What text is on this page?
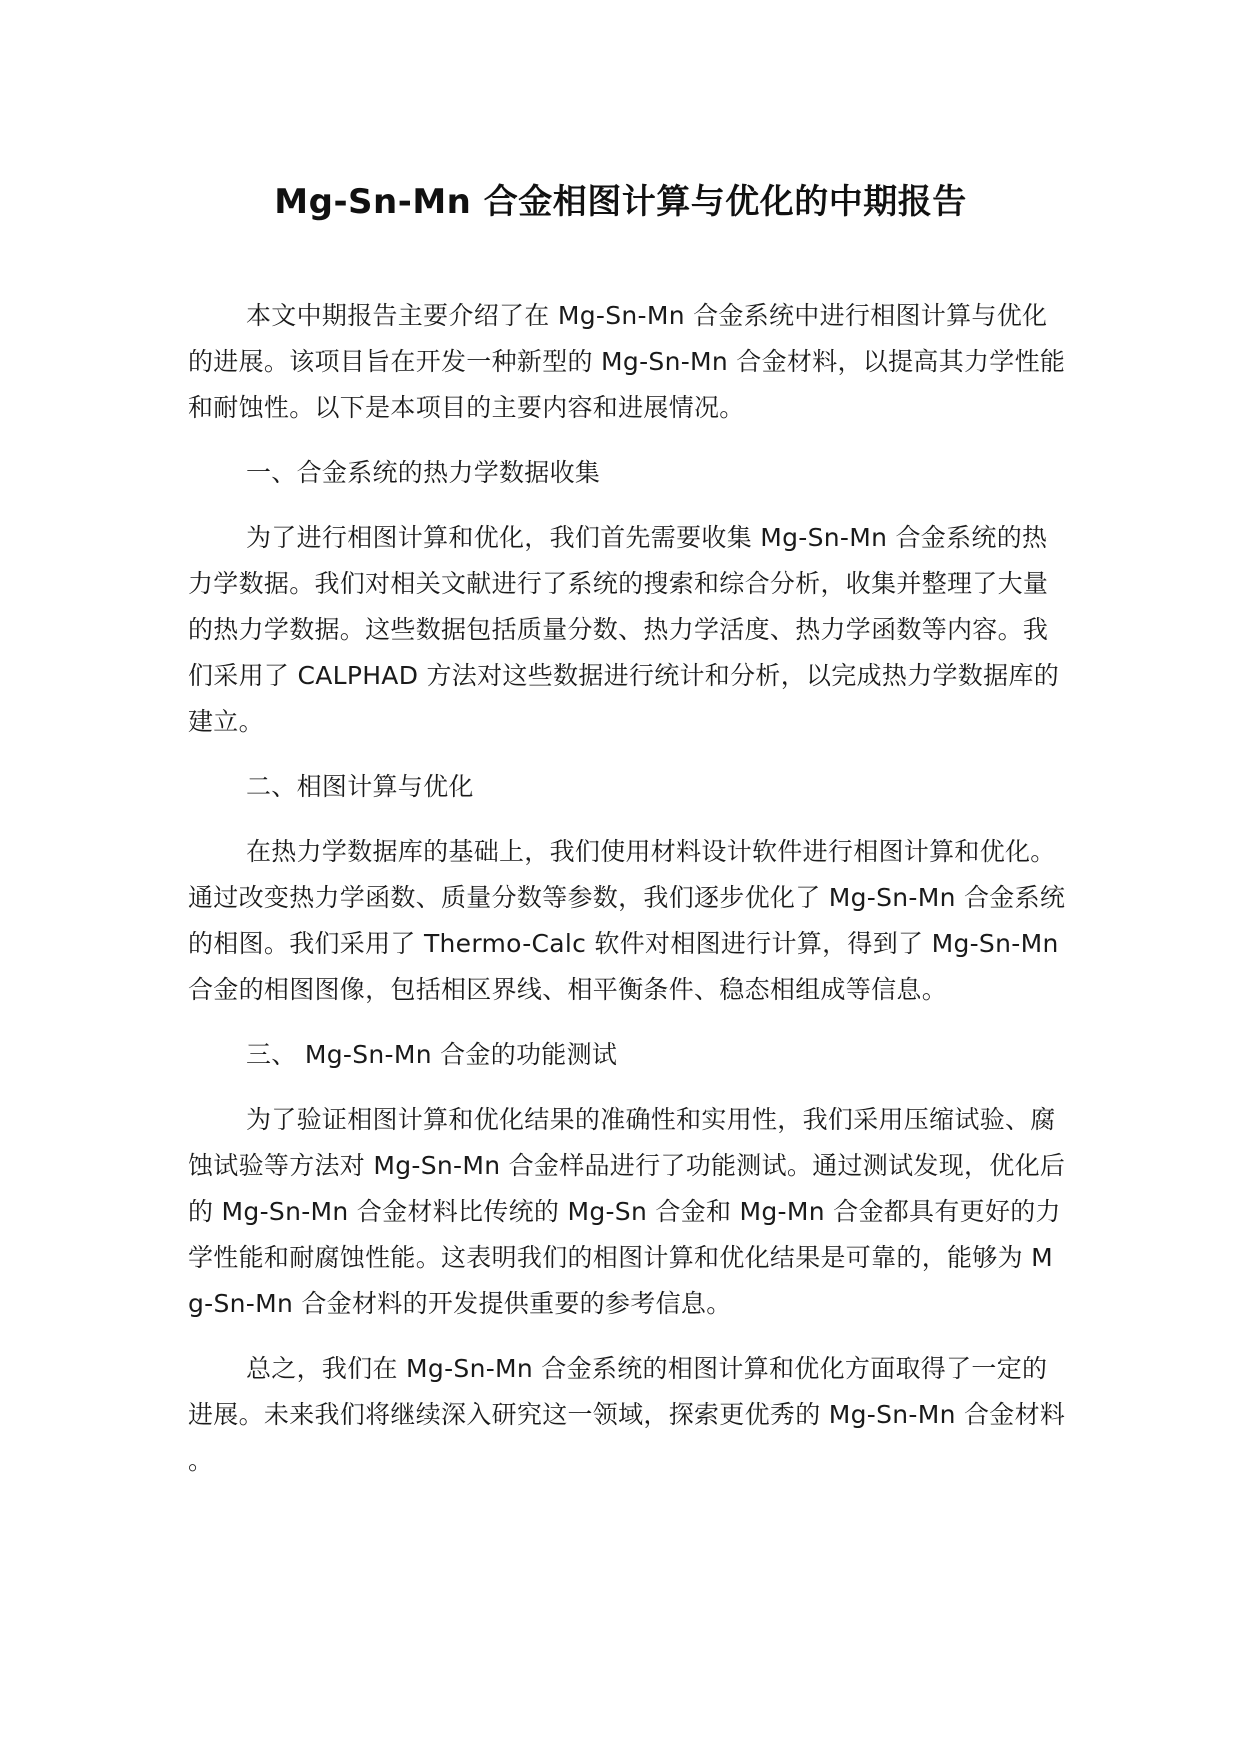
Mg-Sn-Mn 合金相图计算与优化的中期报告

本文中期报告主要介绍了在 Mg-Sn-Mn 合金系统中进行相图计算与优化的进展。该项目旨在开发一种新型的 Mg-Sn-Mn 合金材料，以提高其力学性能和耐蚀性。以下是本项目的主要内容和进展情况。

一、合金系统的热力学数据收集

为了进行相图计算和优化，我们首先需要收集 Mg-Sn-Mn 合金系统的热力学数据。我们对相关文献进行了系统的搜索和综合分析，收集并整理了大量的热力学数据。这些数据包括质量分数、热力学活度、热力学函数等内容。我们采用了 CALPHAD 方法对这些数据进行统计和分析，以完成热力学数据库的建立。

二、相图计算与优化

在热力学数据库的基础上，我们使用材料设计软件进行相图计算和优化。通过改变热力学函数、质量分数等参数，我们逐步优化了 Mg-Sn-Mn 合金系统的相图。我们采用了 Thermo-Calc 软件对相图进行计算，得到了 Mg-Sn-Mn 合金的相图图像，包括相区界线、相平衡条件、稳态相组成等信息。

三、 Mg-Sn-Mn 合金的功能测试

为了验证相图计算和优化结果的准确性和实用性，我们采用压缩试验、腐蚀试验等方法对 Mg-Sn-Mn 合金样品进行了功能测试。通过测试发现，优化后的 Mg-Sn-Mn 合金材料比传统的 Mg-Sn 合金和 Mg-Mn 合金都具有更好的力学性能和耐腐蚀性能。这表明我们的相图计算和优化结果是可靠的，能够为 Mg-Sn-Mn 合金材料的开发提供重要的参考信息。

总之，我们在 Mg-Sn-Mn 合金系统的相图计算和优化方面取得了一定的进展。未来我们将继续深入研究这一领域，探索更优秀的 Mg-Sn-Mn 合金材料。
